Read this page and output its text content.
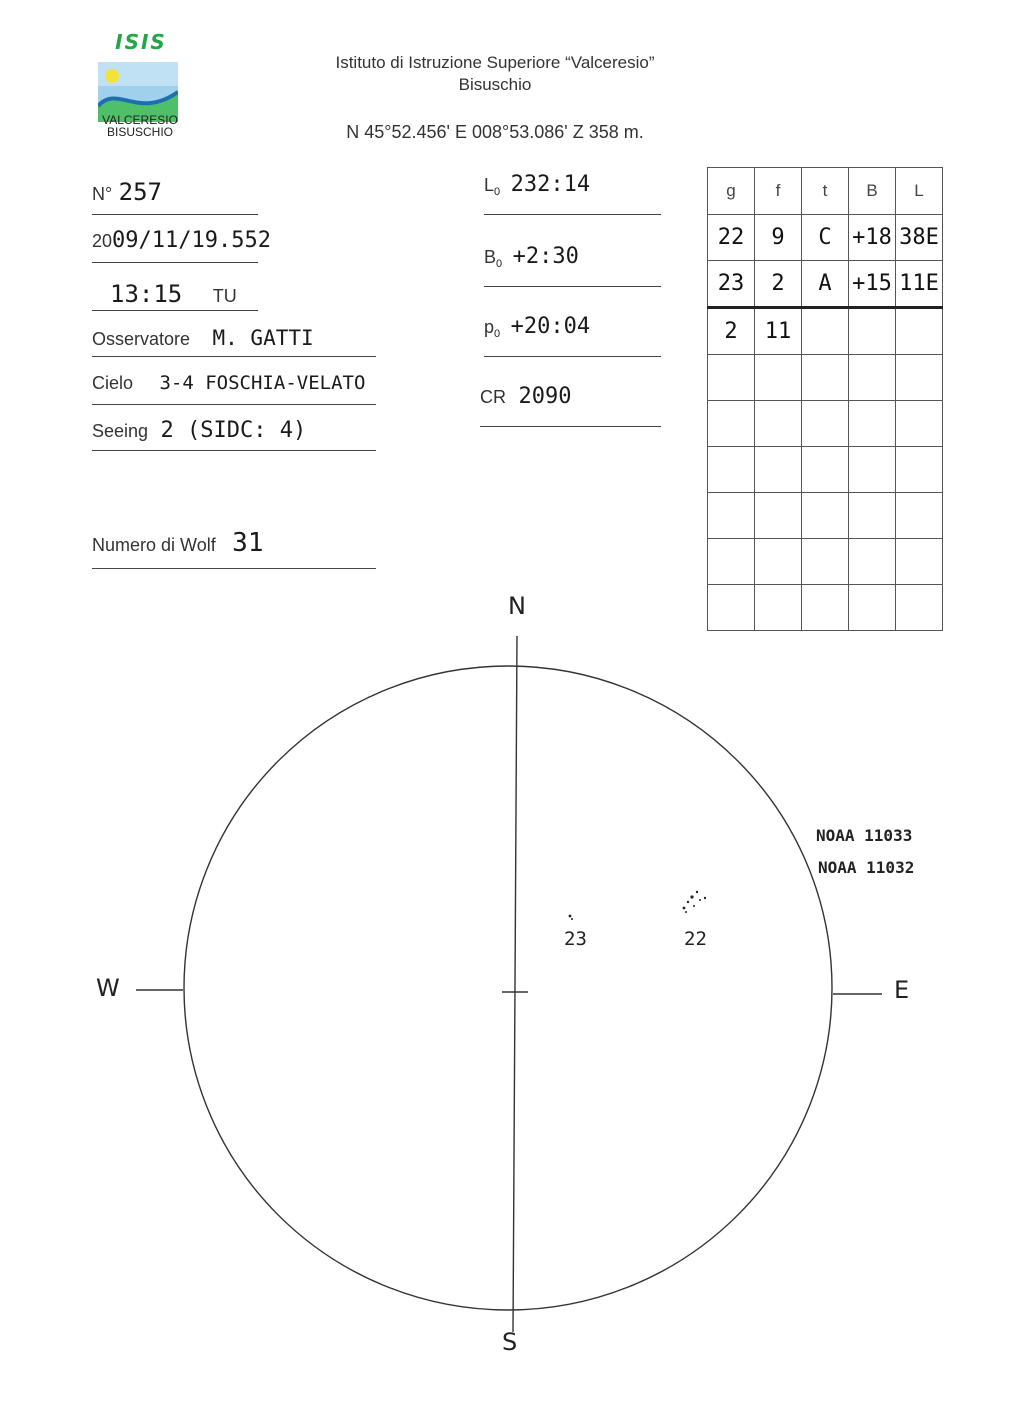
ISIS
VALCERESIO
BISUSCHIO
Istituto di Istruzione Superiore “Valceresio”
Bisuschio
N 45°52.456' E 008°53.086' Z 358 m.
N° 257
2009/11/19.552
13:15 TU
Osservatore M. GATTI
Cielo 3-4 FOSCHIA-VELATO
Seeing 2 (SIDC: 4)
Numero di Wolf 31
$L_0$ 232:14
$B_0$ +2:30
$p_0$ +20:04
CR 2090
g	f	t	B	L
22	9	C	+18	38E
23	2	A	+15	11E
2	11			

N
S
W	E
NOAA 11033
NOAA 11032
23	22
